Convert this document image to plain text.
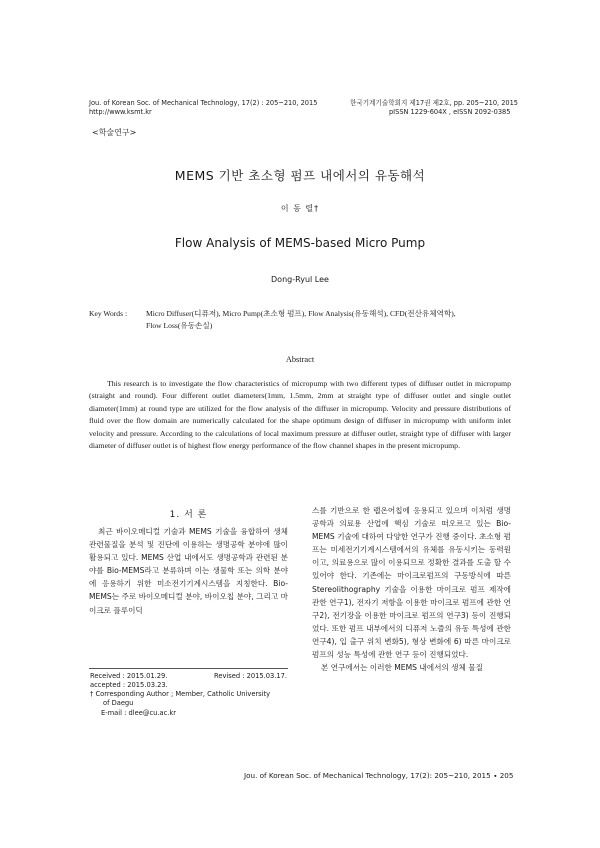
Jou. of Korean Soc. of Mechanical Technology, 17(2) : 205~210, 2015
http://www.ksmt.kr
한국기계기술학회지 제17권 제2호, pp. 205~210, 2015
pISSN 1229-604X , eISSN 2092-0385
<학술연구>
MEMS 기반 초소형 펌프 내에서의 유동해석
이 동 렬†
Flow Analysis of MEMS-based Micro Pump
Dong-Ryul Lee
Key Words : Micro Diffuser(디퓨저), Micro Pump(초소형 펌프), Flow Analysis(유동해석), CFD(전산유체역학),
Flow Loss(유동손실)
Abstract
This research is to investigate the flow characteristics of micropump with two different types of diffuser outlet in micropump (straight and round). Four different outlet diameters(1mm, 1.5mm, 2mm at straight type of diffuser outlet and single outlet diameter(1mm) at round type are utilized for the flow analysis of the diffuser in micropump. Velocity and pressure distributions of fluid over the flow domain are numerically calculated for the shape optimum design of diffuser in micropump with uniform inlet velocity and pressure. According to the calculations of local maximum pressure at diffuser outlet, straight type of diffuser with larger diameter of diffuser outlet is of highest flow energy performance of the flow channel shapes in the present micropump.
1. 서 론

최근 바이오메디컬 기술과 MEMS 기술을 융합하여 생체 관련물질을 분석 및 진단에 이용하는 생명공학 분야에 많이 활용되고 있다. MEMS 산업 내에서도 생명공학과 관련된 분야를 Bio-MEMS라고 분류하며 이는 생물학 또는 의학 분야에 응용하기 위한 미소전기기계시스템을 지칭한다. Bio-MEMS는 주로 바이오메디컬 분야, 바이오칩 분야, 그리고 마이크로 플루이딕

Received : 2015.01.29.	Revised : 2015.03.17.
accepted : 2015.03.23.
† Corresponding Author ; Member, Catholic University
of Daegu
E-mail : dlee@cu.ac.kr

스를 기반으로 한 랩온어칩에 응용되고 있으며 이처럼 생명 공학과 의료용 산업에 핵심 기술로 떠오르고 있는 Bio-MEMS 기술에 대하여 다양한 연구가 진행 중이다. 초소형 펌프는 미세전기기계시스템에서의 유체를 유동시키는 동력원이고, 의료용으로 많이 이용되므로 정확한 결과를 도출 할 수 있어야 한다. 기존에는 마이크로펌프의 구동방식에 따른 Stereolithography 기술을 이용한 마이크로 펌프 제작에 관한 연구1), 전자기 저항을 이용한 마이크로 펌프에 관한 연구2), 전기장을 이용한 마이크로 펌프의 연구3) 등이 진행되었다. 또한 펌프 내부에서의 디퓨저 노즐의 유동 특성에 관한 연구4), 입 출구 위치 변화5), 형상 변화에 6) 따른 마이크로 펌프의 성능 특성에 관한 연구 등이 진행되었다.

본 연구에서는 이러한 MEMS 내에서의 생체 물질

Jou. of Korean Soc. of Mechanical Technology, 17(2): 205~210, 2015 ∙ 205
